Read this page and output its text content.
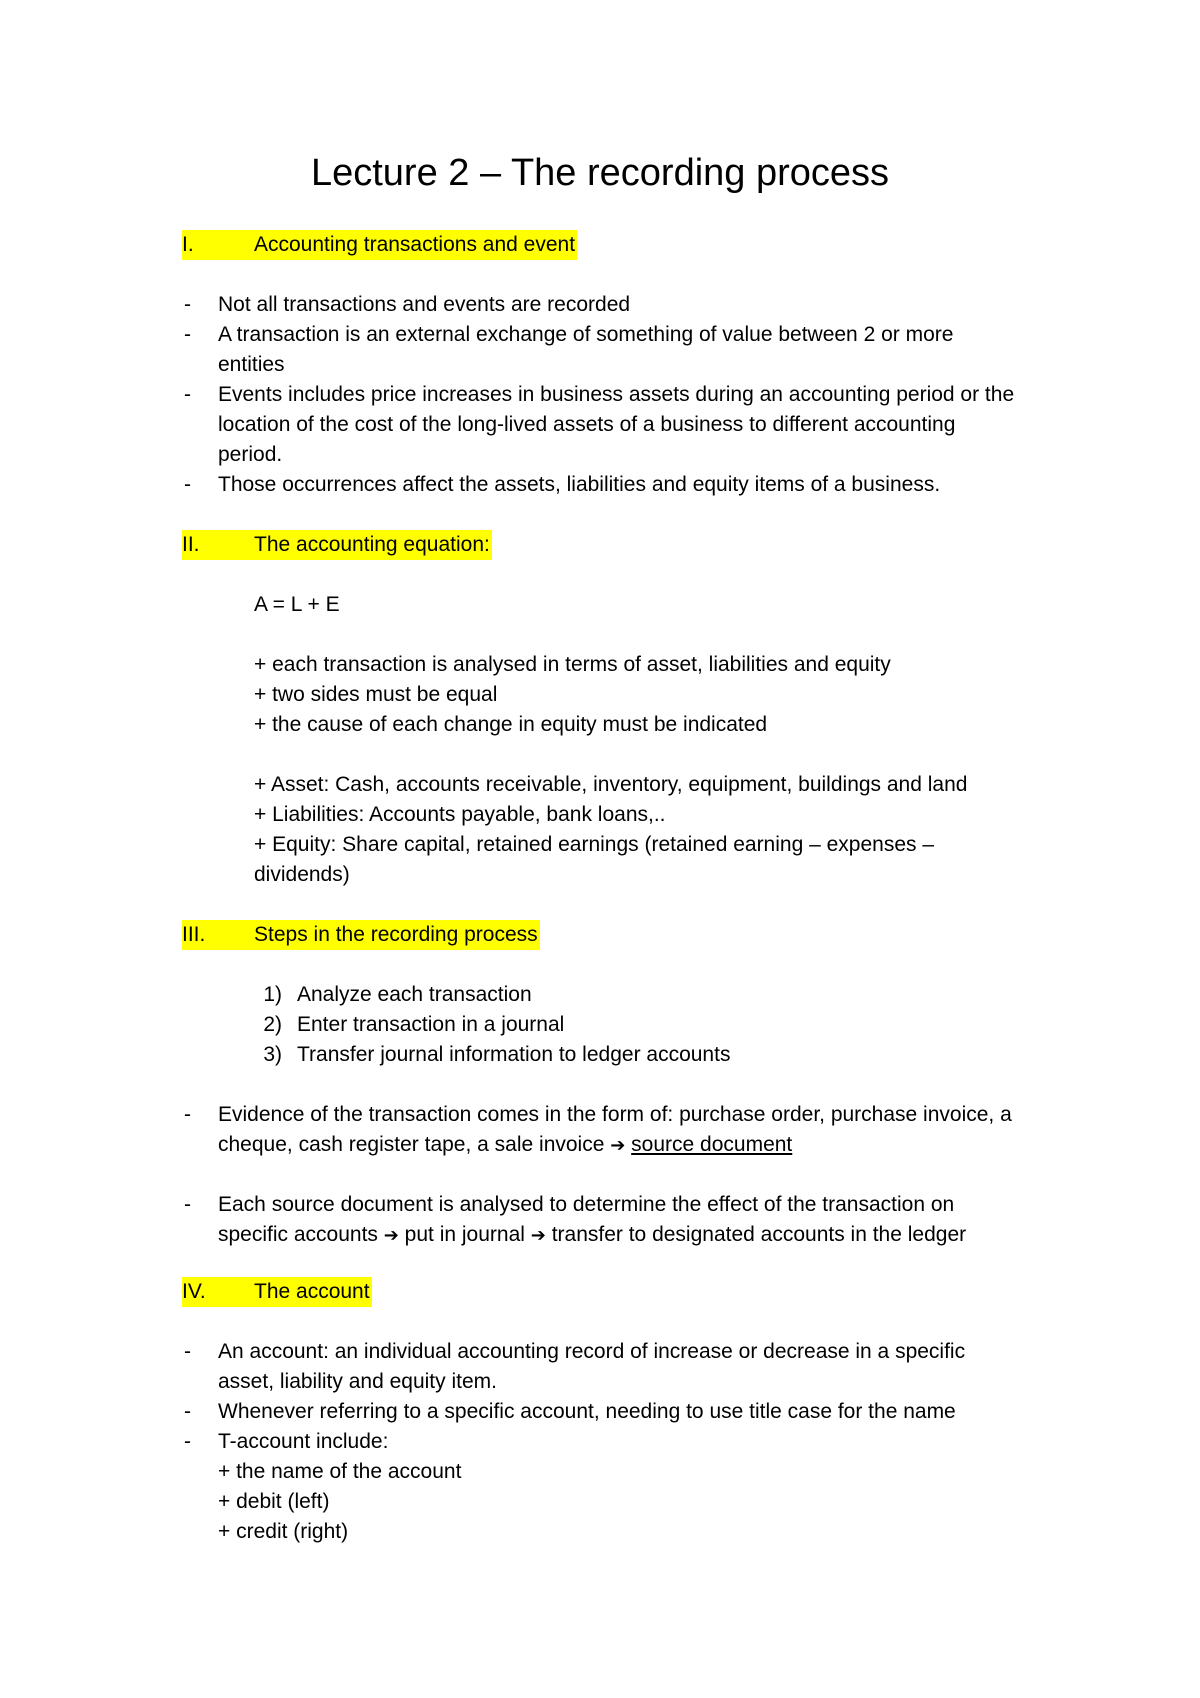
Lecture 2 – The recording process
I.	Accounting transactions and event
- Not all transactions and events are recorded
- A transaction is an external exchange of something of value between 2 or more
entities
- Events includes price increases in business assets during an accounting period or the
location of the cost of the long-lived assets of a business to different accounting
period.
- Those occurrences affect the assets, liabilities and equity items of a business.
II.	The accounting equation:
A = L + E
+ each transaction is analysed in terms of asset, liabilities and equity
+ two sides must be equal
+ the cause of each change in equity must be indicated
+ Asset: Cash, accounts receivable, inventory, equipment, buildings and land
+ Liabilities: Accounts payable, bank loans,..
+ Equity: Share capital, retained earnings (retained earning – expenses –
dividends)
III. Steps in the recording process
1) Analyze each transaction
2) Enter transaction in a journal
3) Transfer journal information to ledger accounts
- Evidence of the transaction comes in the form of: purchase order, purchase invoice, a
cheque, cash register tape, a sale invoice ➔ source document
- Each source document is analysed to determine the effect of the transaction on
specific accounts ➔ put in journal ➔ transfer to designated accounts in the ledger
IV. The account
- An account: an individual accounting record of increase or decrease in a specific
asset, liability and equity item.
- Whenever referring to a specific account, needing to use title case for the name
- T-account include:
+ the name of the account
+ debit (left)
+ credit (right)
